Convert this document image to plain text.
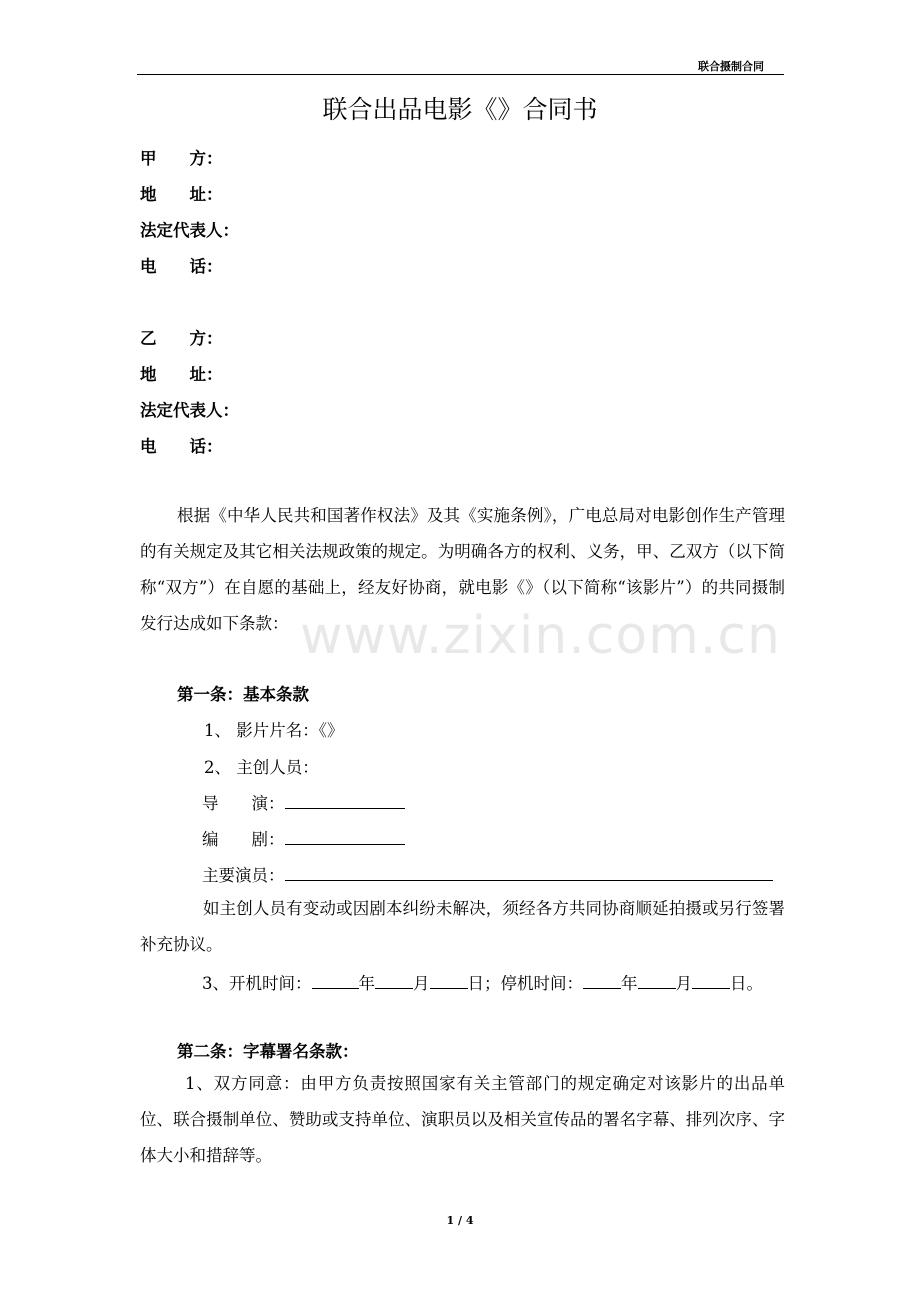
联合摄制合同
联合出品电影《》合同书
www.zixin.com.cn
甲　　方：
地　　址：
法定代表人：
电　　话：
乙　　方：
地　　址：
法定代表人：
电　　话：
根据《中华人民共和国著作权法》及其《实施条例》，广电总局对电影创作生产管理的有关规定及其它相关法规政策的规定。为明确各方的权利、义务，甲、乙双方（以下简称“双方”）在自愿的基础上，经友好协商，就电影《》（以下简称“该影片”）的共同摄制发行达成如下条款：
第一条：基本条款
1、 影片片名：《》
2、 主创人员：
导　　演：
编　　剧：
主要演员：
如主创人员有变动或因剧本纠纷未解决，须经各方共同协商顺延拍摄或另行签署补充协议。
3、开机时间：	年 月 日；停机时间： 年 月 日。
第二条：字幕署名条款：
1、双方同意：由甲方负责按照国家有关主管部门的规定确定对该影片的出品单位、联合摄制单位、赞助或支持单位、演职员以及相关宣传品的署名字幕、排列次序、字体大小和措辞等。
1 / 4
